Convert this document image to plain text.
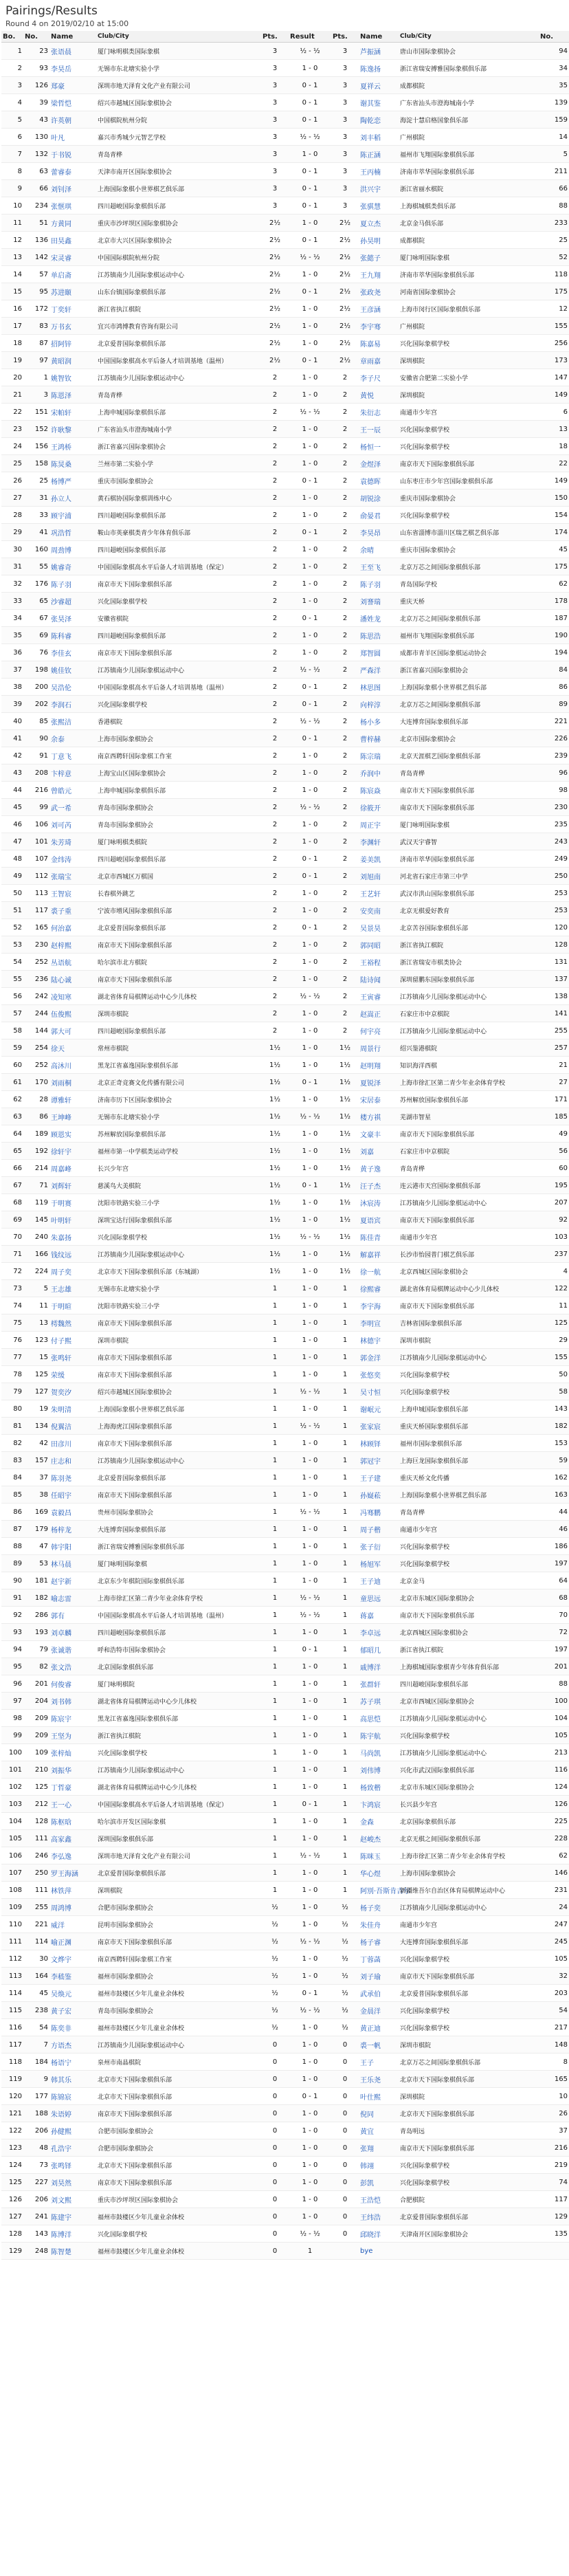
Pairings/Results
Round 4 on 2019/02/10 at 15:00
Bo.	No.	Name	Club/City	Pts.	Result	Pts.	Name	Club/City	No.
1	23	张语晨	厦门咏明棋类国际象棋	3	½ - ½	3	芦振涵	唐山市国际象棋协会	94
2	93	李昊岳	无锡市东北塘实验小学	3	1 - 0	3	陈逸扬	浙江省瑞安搏雅国际象棋俱乐部	34
3	126	郑豪	深圳市地天泽育文化产业有限公司	3	0 - 1	3	夏祥云	成都棋院	35
4	39	梁哲恺	绍兴市越城区国际象棋协会	3	0 - 1	3	谢其鉴	广东省汕头市澄海城南小学	139
5	43	许英朝	中国棋院杭州分院	3	0 - 1	3	陶乾恋	海淀十慧启格国象俱乐部	159
6	130	叶凡	嘉兴市秀城少元智艺学校	3	½ - ½	3	刘丰稻	广州棋院	14
7	132	于书锐	青岛青桦	3	1 - 0	3	陈正涵	福州市飞翔国际象棋俱乐部	5
8	63	蕾睿泰	天津市南开区国际象棋协会	3	0 - 1	3	王丙楠	济南市萃华国际象棋俱乐部	211
9	66	刘钊泽	上海国际象棋小世界棋艺俱乐部	3	0 - 1	3	洪兴宇	浙江省丽水棋院	66
10	234	张惬琪	四川超峻国际象棋俱乐部	3	0 - 1	3	张骐慧	上海棋城棋类俱乐部	88
11	51	方黄同	重庆市沙坪坝区国际象棋协会	2½	1 - 0	2½	夏立杰	北京金马俱乐部	233
12	136	田昊鑫	北京市大兴区国际象棋协会	2½	0 - 1	2½	孙昊明	成都棋院	25
13	142	宋灵睿	中国国际棋院杭州分院	2½	½ - ½	2½	张懿子	厦门咏明国际象棋	52
14	57	单启斋	江苏镇南少儿国际象棋运动中心	2½	1 - 0	2½	王九翔	济南市萃华国际象棋俱乐部	118
15	95	苏进颐	山东台镇国际象棋俱乐部	2½	0 - 1	2½	张政尧	河南省国际象棋协会	175
16	172	丁奕轩	浙江省执江棋院	2½	1 - 0	2½	王彦涵	上海市闵行区国际象棋俱乐部	12
17	83	万书玄	宜兴市鸿博教育咨询有限公司	2½	1 - 0	2½	李宇骞	广州棋院	155
18	87	招阿锌	北京爱普国际象棋俱乐部	2½	1 - 0	2½	陈嘉易	兴化国际象棋学校	256
19	97	黄昭润	中国国际象棋高水平后备人才培训基地（温州）	2½	0 - 1	2½	章雨嘉	深圳棋院	173
20	1	姚智钦	江苏镇南少儿国际象棋运动中心	2	1 - 0	2	李子尺	安徽省合肥第二实验小学	147
21	3	陈恩泽	青岛青桦	2	1 - 0	2	黄悦	深圳棋院	149
22	151	宋帕轩	上海申城国际象棋俱乐部	2	½ - ½	2	朱衍志	南通市少年宫	6
23	152	许耿黎	广东省汕头市澄海城南小学	2	1 - 0	2	王一辰	兴化国际象棋学校	13
24	156	王鸿桥	浙江省嘉兴国际象棋协会	2	1 - 0	2	杨恒一	兴化国际象棋学校	18
25	158	陈炅桑	兰州市第二实验小学	2	1 - 0	2	金煜泽	南京市天下国际象棋俱乐部	22
26	25	杨博严	重庆市国际象棋协会	2	0 - 1	2	袁德晖	山东枣庄市少年宫国际象棋俱乐部	149
27	31	孙立人	黄石棋协国际象棋训练中心	2	1 - 0	2	胡锐涂	重庆市国际象棋协会	150
28	33	顾宇浦	四川超峻国际象棋俱乐部	2	1 - 0	2	俞晏君	兴化国际象棋学校	154
29	41	巩浩哲	鞍山市英豪棋类青少年体育俱乐部	2	0 - 1	2	李昊昂	山东省淄博市淄川区瑞艺棋艺俱乐部	174
30	160	周劲博	四川超峻国际象棋俱乐部	2	1 - 0	2	余晴	重庆市国际象棋协会	45
31	55	姚睿奇	中国国际象棋高水平后备人才培训基地（保定）	2	1 - 0	2	王至飞	北京万芯之间国际象棋俱乐部	175
32	176	陈子羽	南京市天下国际象棋俱乐部	2	1 - 0	2	陈子羽	青岛国际学校	62
33	65	沙睿超	兴化国际象棋学校	2	1 - 0	2	刘謇瑞	重庆天桥	178
34	67	张昊泽	安徽省棋院	2	0 - 1	2	潘姓龙	北京万芯之间国际象棋俱乐部	187
35	69	陈科睿	四川超峻国际象棋俱乐部	2	1 - 0	2	陈思浩	福州市飞翔国际象棋俱乐部	190
36	76	李佳玄	南京市天下国际象棋俱乐部	2	1 - 0	2	郑智圆	成都市青羊区国际象棋运动协会	194
37	198	姚佳钦	江苏镇南少儿国际象棋运动中心	2	½ - ½	2	严森洋	浙江省嘉兴国际象棋协会	84
38	200	吴浩伦	中国国际象棋高水平后备人才培训基地（温州）	2	0 - 1	2	林思图	上海国际象棋小世界棋艺俱乐部	86
39	202	李润石	兴化国际象棋学校	2	0 - 1	2	向梓淳	北京万芯之间国际象棋俱乐部	89
40	85	张熙洁	香港棋院	2	½ - ½	2	杨小多	大连博弈国际象棋俱乐部	221
41	90	余泰	上海市国际象棋协会	2	0 - 1	2	曹梓赫	北京市国际象棋协会	226
42	91	丁意飞	南京西聘轩国际象棋工作室	2	1 - 0	2	陈宗瑞	北京天涯棋艺国际象棋俱乐部	239
43	208	卞梓意	上海宝山区国际象棋协会	2	1 - 0	2	乔润中	青岛青桦	96
44	216	曾皓元	上海申城国际象棋俱乐部	2	1 - 0	2	陈宸焱	南京市天下国际象棋俱乐部	98
45	99	武一希	青岛市国际象棋协会	2	½ - ½	2	徐筱开	南京市天下国际象棋俱乐部	230
46	106	刘可芮	青岛市国际象棋协会	2	1 - 0	2	周正宇	厦门咏明国际象棋	235
47	101	朱芳琦	厦门咏明棋类棋院	2	1 - 0	2	李渊轩	武汉天宇睿智	243
48	107	金纬涛	四川超峻国际象棋俱乐部	2	0 - 1	2	姜美凯	济南市萃华国际象棋俱乐部	249
49	112	张瑞宝	北京市西城区万棋国	2	0 - 1	2	刘旭南	河北省石家庄市第三中学	250
50	113	王智宸	长春棋外跳艺	2	1 - 0	2	王艺轩	武汉市洪山国际象棋俱乐部	253
51	117	裘子重	宁波市增风国际象棋俱乐部	2	1 - 0	2	安奕南	北京无棋爱好教育	253
52	165	何治嘉	北京爱普国际象棋俱乐部	2	0 - 1	2	吴景昊	北京苦谷国际象棋俱乐部	120
53	230	赵梓熙	南京市天下国际象棋俱乐部	2	1 - 0	2	郭同昭	浙江省执江棋院	128
54	252	丛语航	哈尔滨市北方棋院	2	1 - 0	2	王裕程	浙江省瑞安市棋类协会	131
55	236	陆心诚	南京市天下国际象棋俱乐部	2	1 - 0	2	陆诗闻	深圳留鹏东国际象棋俱乐部	137
56	242	凌知寒	湖北省体育局棋牌运动中心少儿体校	2	½ - ½	2	王寅睿	江苏镇南少儿国际象棋运动中心	138
57	244	伍俊熙	深圳市棋院	2	1 - 0	2	赵嵩正	石家庄市中京棋院	141
58	144	郭大可	四川超峻国际象棋俱乐部	2	1 - 0	2	何宇亮	江苏镇南少儿国际象棋运动中心	255
59	254	徐天	常州市棋院	1½	1 - 0	1½	周景行	绍兴鉴港棋院	257
60	252	高沐川	黑龙江省嘉逸国际象棋俱乐部	1½	1 - 0	1½	赵明翔	知识海洋西棋	21
61	170	刘雨桐	北京正奇竞赛文化传播有限公司	1½	0 - 1	1½	夏锐泽	上海市徐汇区第二青少年业余体育学校	27
62	28	谭雅轩	济南市历下区国际象棋协会	1½	1 - 0	1½	宋居泰	苏州解放国际象棋俱乐部	171
63	86	王坤峰	无锡市东北塘实验小学	1½	½ - ½	1½	楼方祺	芜湖市智星	185
64	189	顾恩实	苏州解放国际象棋俱乐部	1½	1 - 0	1½	文豪丰	南京市天下国际象棋俱乐部	49
65	192	徐轩宇	福州市第一中学棋类运动学校	1½	1 - 0	1½	刘嘉	石家庄市中京棋院	56
66	214	周嘉峰	长兴少年宫	1½	1 - 0	1½	黄子逸	青岛青桦	60
67	71	刘辉轩	慈溪鸟大美棋院	1½	0 - 1	1½	汪子杰	连云港市天宫国际象棋俱乐部	195
68	119	于明赛	沈阳市铁路实验三小学	1½	1 - 0	1½	沐宸涛	江苏镇南少儿国际象棋运动中心	207
69	145	叶明轩	深圳宝达行国际象棋俱乐部	1½	1 - 0	1½	夏语宾	南京市天下国际象棋俱乐部	92
70	240	朱嘉扬	兴化国际象棋学校	1½	½ - ½	1½	陈佳青	南通市少年宫	103
71	166	钱纹远	江苏镇南少儿国际象棋运动中心	1½	1 - 0	1½	解嘉祥	长沙市怡园普门棋艺俱乐部	237
72	224	周子奕	北京市天下国际象棋俱乐部（东城湖）	1½	1 - 0	1½	徐一航	北京西城区国际象棋协会	4
73	5	王志雄	无锡市东北塘实验小学	1	1 - 0	1	徐熙睿	湖北省体育局棋牌运动中心少儿体校	122
74	11	于明暄	沈阳市铁路实验三小学	1	1 - 0	1	李宇海	南京市天下国际象棋俱乐部	11
75	13	樗魏然	南京市天下国际象棋俱乐部	1	1 - 0	1	李明宣	吉林省国际象棋俱乐部	125
76	123	付子熙	深圳市棋院	1	1 - 0	1	林德宇	深圳市棋院	29
77	15	张鸣轩	南京市天下国际象棋俱乐部	1	1 - 0	1	郭金洋	江苏镇南少儿国际象棋运动中心	155
78	125	荣缓	南京市天下国际象棋俱乐部	1	1 - 0	1	张悠奕	兴化国际象棋学校	50
79	127	贺奕汐	绍兴市越城区国际象棋协会	1	½ - ½	1	吴寸恒	兴化国际象棋学校	58
80	19	朱明清	上海国际象棋小世界棋艺俱乐部	1	1 - 0	1	谢岷元	上海申城国际象棋俱乐部	143
81	134	倪翼洁	上海海虎江国际象棋俱乐部	1	½ - ½	1	张家宸	重庆天桥国际象棋俱乐部	182
82	42	田彦川	南京市天下国际象棋俱乐部	1	1 - 0	1	林顾铎	福州市国际象棋俱乐部	153
83	157	庄志和	江苏镇南少儿国际象棋运动中心	1	1 - 0	1	郭冠宇	上海巨龙国际象棋俱乐部	59
84	37	陈羽尧	北京爱普国际象棋俱乐部	1	1 - 0	1	王子建	重庆天桥文化传播	162
85	38	任昭宇	南京市天下国际象棋俱乐部	1	1 - 0	1	孙嶷菘	上海国际象棋小世界棋艺俱乐部	163
86	169	袁毅昌	贵州市国际象棋协会	1	½ - ½	1	冯骞鹏	青岛青桦	44
87	179	杨梓龙	大连博弈国际象棋俱乐部	1	1 - 0	1	周子楷	南通市少年宫	46
88	47	韩宇阳	浙江省瑞安搏雅国际象棋俱乐部	1	1 - 0	1	张子衍	兴化国际象棋学校	186
89	53	林马晨	厦门咏明国际象棋	1	1 - 0	1	杨旭军	兴化国际象棋学校	197
90	181	赵宇新	北京东少年棋院国际象棋俱乐部	1	1 - 0	1	王子迪	北京金马	64
91	182	喻志雷	上海市徐汇区第二青少年业余体育学校	1	½ - ½	1	童思远	北京市东城区国际象棋协会	68
92	286	郭有	中国国际象棋高水平后备人才培训基地（温州）	1	½ - ½	1	蒋嘉	南京市天下国际象棋俱乐部	70
93	193	刘卓麟	四川超峻国际象棋俱乐部	1	1 - 0	1	李卓远	北京西城区国际象棋协会	72
94	79	张诚谐	呼和浩特市国际象棋协会	1	0 - 1	1	郁昭几	浙江省执江棋院	197
95	82	张文浩	北京国际象棋俱乐部	1	1 - 0	1	戚博洋	上海棋城国际象棋青少年体育俱乐部	201
96	201	何俊睿	厦门咏明棋院	1	1 - 0	1	张群轩	四川超峻国际象棋俱乐部	88
97	204	刘书韩	湖北省体育局棋牌运动中心少儿体校	1	1 - 0	1	苏子琪	北京市西城区国际象棋协会	100
98	209	陈宸宇	黑龙江省嘉逸国际象棋俱乐部	1	1 - 0	1	高思恺	江苏镇南少儿国际象棋运动中心	104
99	209	王坚为	浙江省执江棋院	1	1 - 0	1	陈宇航	兴化国际象棋学校	105
100	109	张梓灿	兴化国际象棋学校	1	1 - 0	1	马尚凯	江苏镇南少儿国际象棋运动中心	213
101	210	刘振华	江苏镇南少儿国际象棋运动中心	1	1 - 0	1	刘伟博	兴化市武汉国际象棋俱乐部	116
102	125	丁哲豪	湖北省体育局棋牌运动中心少儿体校	1	1 - 0	1	杨致楷	北京市东城区国际象棋协会	124
103	212	王一心	中国国际象棋高水平后备人才培训基地（保定）	1	0 - 1	1	卞鸿宸	长兴县少年宫	126
104	128	陈枢晗	哈尔滨市开发区国际象棋	1	1 - 0	1	金森	北京国际象棋俱乐部	225
105	111	高家鑫	深圳国际象棋俱乐部	1	1 - 0	1	赵峻杰	北京无棋之间国际象棋俱乐部	228
106	246	李弘逸	深圳市地天泽育文化产业有限公司	1	½ - ½	1	陈咪玉	上海市徐汇区第二青少年业余体育学校	62
107	250	罗王海涵	北京爱普国际象棋俱乐部	1	1 - 0	1	华心煜	上海市国际象棋协会	146
108	111	林铁萍	深圳棋院	1	1 - 0	1	阿別·吾斯肯吉尔	新疆维吾尔自治区体育局棋牌运动中心	231
109	255	周鸿博	合肥市国际象棋协会	½	1 - 0	½	杨子奕	江苏镇南少儿国际象棋运动中心	24
110	221	威洋	昆明市国际象棋协会	½	1 - 0	½	朱佳舟	南通市少年宫	247
111	114	喻正渊	南京市天下国际象棋俱乐部	½	½ - ½	½	杨子睿	大连博弈国际象棋俱乐部	245
112	30	文烨宇	南京西聘轩国际象棋工作室	½	1 - 0	½	丁蓉菡	兴化国际象棋学校	105
113	164	李嵇鉴	福州市国际象棋协会	½	1 - 0	½	刘子瑜	南京市天下国际象棋俱乐部	32
114	45	吴焕元	福州市鼓楼区少年儿童业余体校	½	0 - 1	½	武承伯	北京爱普国际象棋俱乐部	203
115	238	黄子宏	青岛市国际象棋协会	½	½ - ½	½	金晨洋	兴化国际象棋学校	54
116	54	陈奕非	福州市鼓楼区少年儿童业余体校	½	1 - 0	½	黄正迪	兴化国际象棋学校	217
117	7	方语杰	江苏镇南少儿国际象棋运动中心	0	1 - 0	0	裘一帆	深圳市棋院	148
118	184	杨语宁	泉州市南晶棋院	0	1 - 0	0	王子	北京万芯之间国际象棋俱乐部	8
119	9	韩其乐	北京市天下国际象棋俱乐部	0	1 - 0	0	王乐尧	北京市天下国际象棋俱乐部	165
120	177	陈锦宸	北京市天下国际象棋俱乐部	0	0 - 1	0	叶仕熙	深圳棋院	10
121	188	朱语婷	南京市天下国际象棋俱乐部	0	1 - 0	0	倪同	北京市天下国际象棋俱乐部	26
122	206	孙健熙	合肥市国际象棋协会	0	1 - 0	0	黄宜	青岛明远	37
123	48	孔浩宇	合肥市国际象棋协会	0	1 - 0	0	张翔	南京市天下国际象棋俱乐部	216
124	73	张鸣铎	北京市天下国际象棋俱乐部	0	1 - 0	0	韩翊	兴化国际象棋学校	219
125	227	刘昊然	南京市天下国际象棋俱乐部	0	1 - 0	0	彭凯	兴化国际象棋学校	74
126	206	刘文熙	重庆市沙坪坝区国际象棋协会	0	1 - 0	0	王浩恺	合肥棋院	117
127	241	陈建宇	福州市鼓楼区少年儿童业余体校	0	1 - 0	0	王纬浩	北京爱普国际象棋俱乐部	129
128	143	陈博洋	兴化国际象棋学校	0	½ - ½	0	邱晓洋	天津南开区国际象棋协会	135
129	248	陈智楚	福州市鼓楼区少年儿童业余体校	0	1		bye		
